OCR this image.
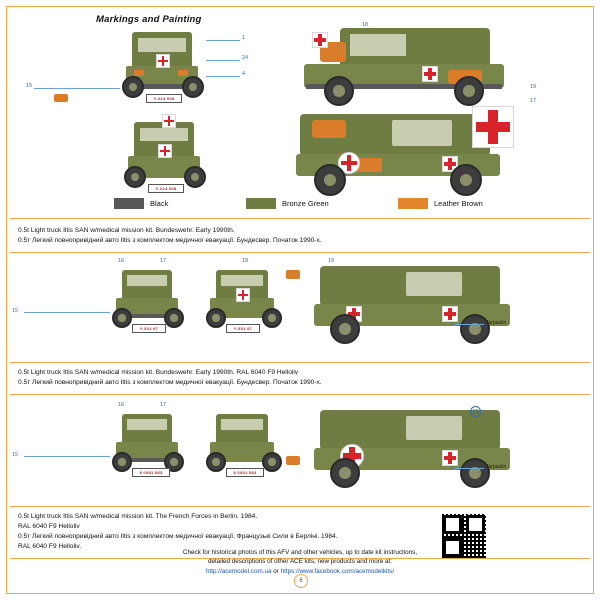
Markings and Painting
Y-224 008
Y-224 008
15
1
24
4
19
17
18
Black	Bronze Green	Leather Brown
0.5t Light truck Iltis SAN w/medical mission kit. Bundeswehr. Early 1990th.
0.5т Легкий повнопривідний авто Iltis з комплектом медичної евакуації. Бундесвер. Початок 1990-х.
Y-531 97	Y-531 97
Tarpaulin
16	17	18	19
15
0.5t Light truck Iltis SAN w/medical mission kit. Bundeswehr. Early 1990th. RAL 6040 F9 Helloliv
0.5т Легкий повнопривідний авто Iltis з комплектом медичної евакуації. Бундесвер. Початок 1990-х.
8 0081 583	8 0081 583
Tarpaulin
16	17
20
15
0.5t Light truck Iltis SAN w/medical mission kit. The French Forces in Berlin. 1984.
RAL 6040 F9 Helloliv
0.5т Легкий повнопривідний авто Iltis з комплектом медичної евакуації. Французькі Сили в Берліні. 1984.
RAL 6040 F9 Helloliv.
Check for historical photos of this AFV and other vehicles, up to date kit instructions,
detailed descriptions of other ACE kits, new products and more at:
http://acemodel.com.ua or https://www.facebook.com/acemodelkits/
6
